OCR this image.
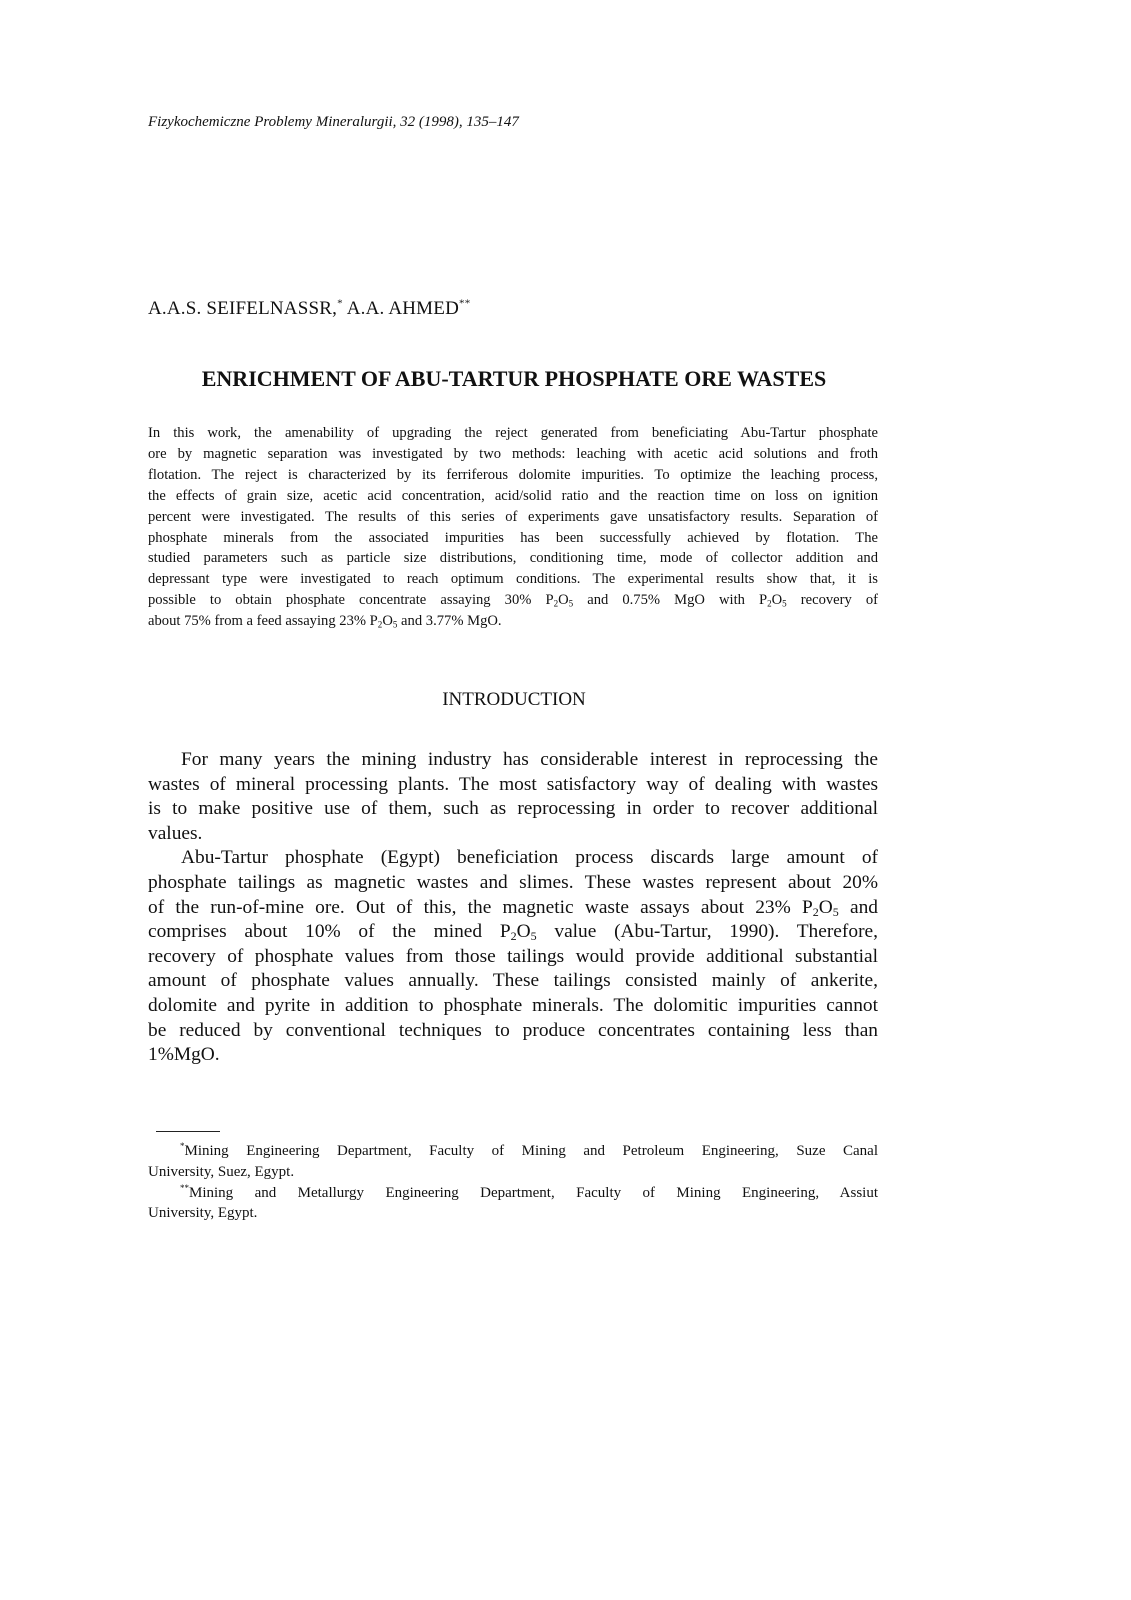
Fizykochemiczne Problemy Mineralurgii, 32 (1998), 135–147
A.A.S. SEIFELNASSR,* A.A. AHMED**
ENRICHMENT OF ABU-TARTUR PHOSPHATE ORE WASTES
In this work, the amenability of upgrading the reject generated from beneficiating Abu-Tartur phosphate
ore by magnetic separation was investigated by two methods: leaching with acetic acid solutions and froth
flotation. The reject is characterized by its ferriferous dolomite impurities. To optimize the leaching process,
the effects of grain size, acetic acid concentration, acid/solid ratio and the reaction time on loss on ignition
percent were investigated. The results of this series of experiments gave unsatisfactory results. Separation of
phosphate minerals from the associated impurities has been successfully achieved by flotation. The
studied parameters such as particle size distributions, conditioning time, mode of collector addition and
depressant type were investigated to reach optimum conditions. The experimental results show that, it is
possible to obtain phosphate concentrate assaying 30% $P_2O_5$ and 0.75% MgO with $P_2O_5$ recovery of
about 75% from a feed assaying 23% $P_2O_5$ and 3.77% MgO.
INTRODUCTION
For many years the mining industry has considerable interest in reprocessing the
wastes of mineral processing plants. The most satisfactory way of dealing with wastes
is to make positive use of them, such as reprocessing in order to recover additional
values.
Abu-Tartur phosphate (Egypt) beneficiation process discards large amount of
phosphate tailings as magnetic wastes and slimes. These wastes represent about 20%
of the run-of-mine ore. Out of this, the magnetic waste assays about 23% $P_2O_5$ and
comprises about 10% of the mined $P_2O_5$ value (Abu-Tartur, 1990). Therefore,
recovery of phosphate values from those tailings would provide additional substantial
amount of phosphate values annually. These tailings consisted mainly of ankerite,
dolomite and pyrite in addition to phosphate minerals. The dolomitic impurities cannot
be reduced by conventional techniques to produce concentrates containing less than
1%MgO.
*Mining Engineering Department, Faculty of Mining and Petroleum Engineering, Suze Canal
University, Suez, Egypt.
**Mining and Metallurgy Engineering Department, Faculty of Mining Engineering, Assiut
University, Egypt.
